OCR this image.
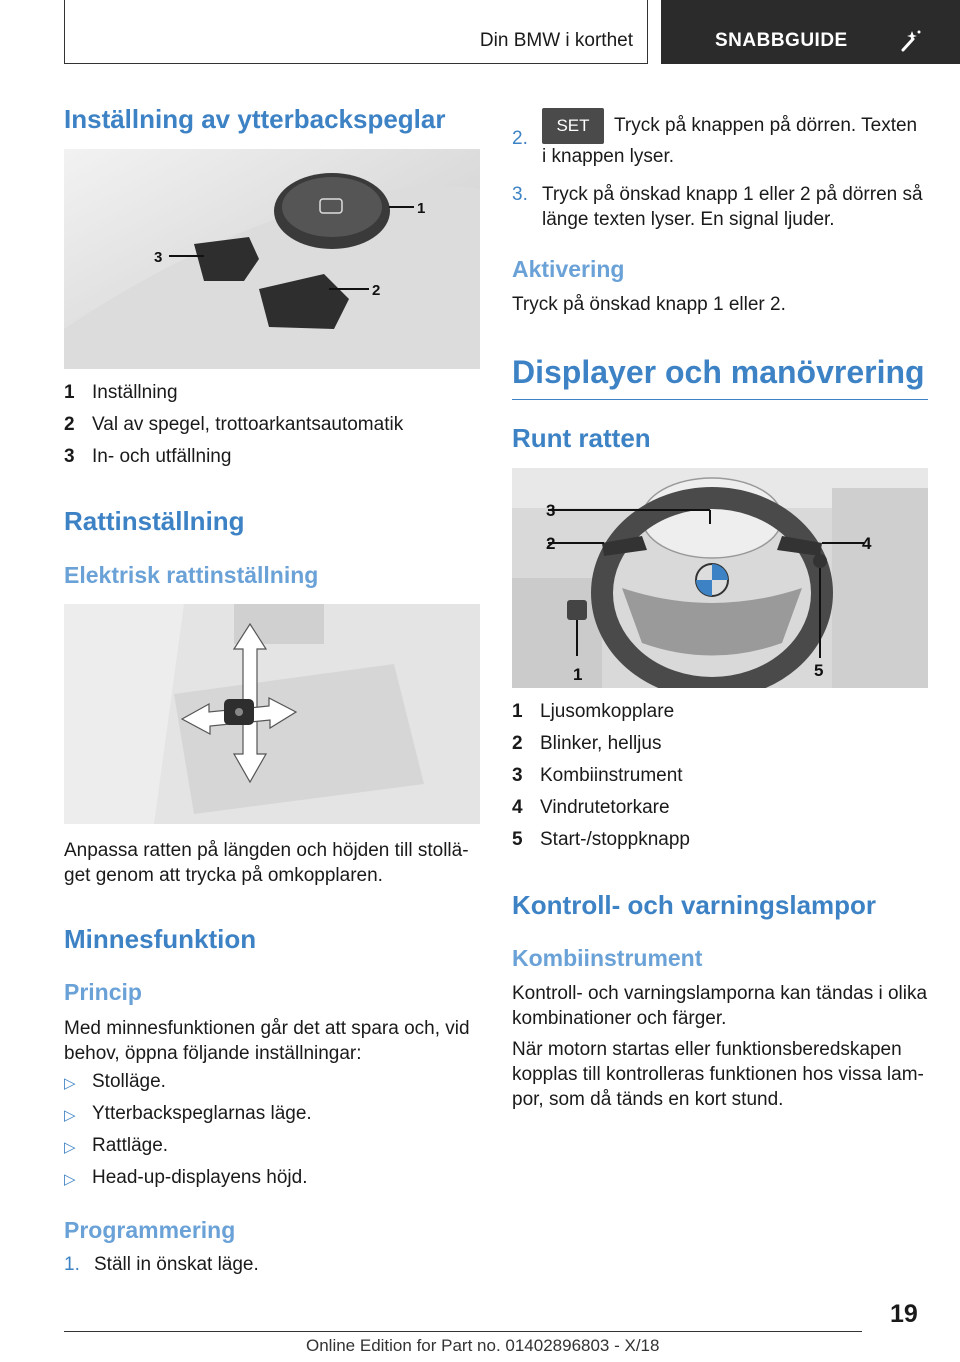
Din BMW i korthet	SNABBGUIDE
Inställning av ytterbackspeglar
1
2
3
1 Inställning
2 Val av spegel, trottoarkantsautomatik
3 In- och utfällning
Rattinställning
Elektrisk rattinställning

Anpassa ratten på längden och höjden till stollä-
get genom att trycka på omkopplaren.

Minnesfunktion
Princip

Med minnesfunktionen går det att spara och, vid
behov, öppna följande inställningar:

▷ Stolläge.
▷ Ytterbackspeglarnas läge.
▷ Rattläge.
▷ Head-up-displayens höjd.
Programmering
1. Ställ in önskat läge.
2.
SET Tryck på knappen på dörren. Texten
i knappen lyser.
3. Tryck på önskad knapp 1 eller 2 på dörren så
länge texten lyser. En signal ljuder.
Aktivering

Tryck på önskad knapp 1 eller 2.

Displayer och manövrering
Runt ratten
1
2
3
4
5
1 Ljusomkopplare
2 Blinker, helljus
3 Kombiinstrument
4 Vindrutetorkare
5 Start-/stoppknapp
Kontroll- och varningslampor
Kombiinstrument

Kontroll- och varningslamporna kan tändas i olika
kombinationer och färger.

När motorn startas eller funktionsberedskapen
kopplas till kontrolleras funktionen hos vissa lam-
por, som då tänds en kort stund.

19
Online Edition for Part no. 01402896803 - X/18
